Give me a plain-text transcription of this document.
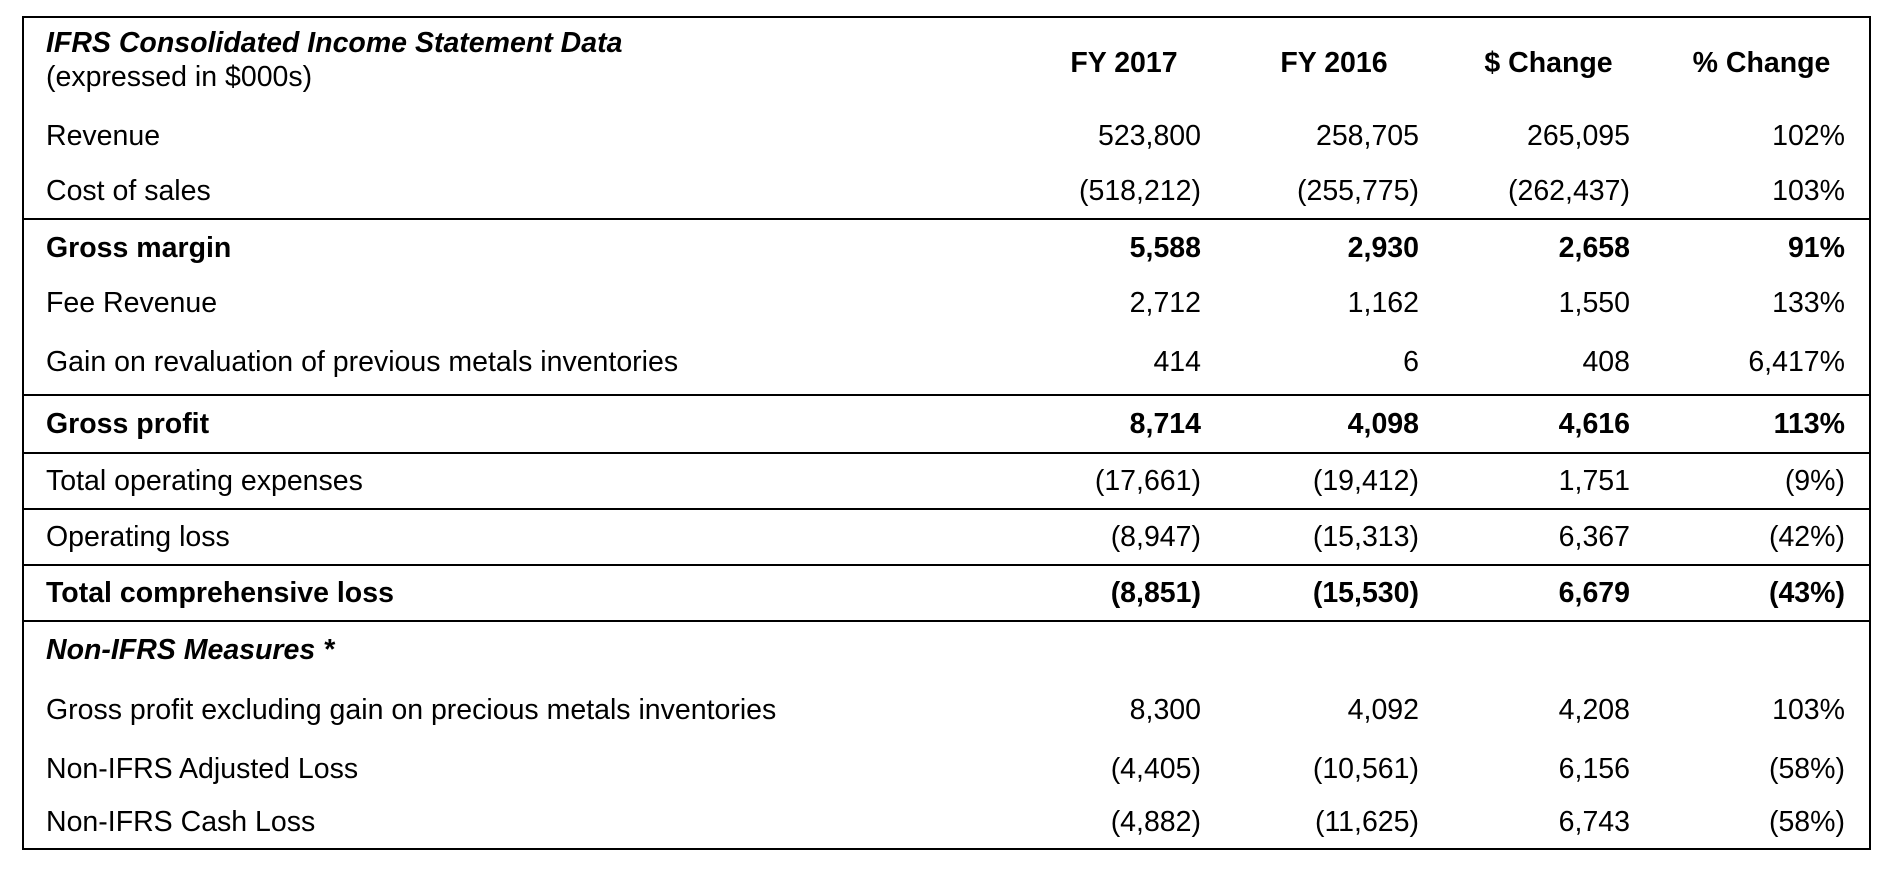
IFRS Consolidated Income Statement Data
(expressed in $000s)	FY 2017	FY 2016	$ Change	% Change
Revenue	523,800	258,705	265,095	102%
Cost of sales	(518,212)	(255,775)	(262,437)	103%
Gross margin	5,588	2,930	2,658	91%
Fee Revenue	2,712	1,162	1,550	133%
Gain on revaluation of previous metals inventories	414	6	408	6,417%
Gross profit	8,714	4,098	4,616	113%
Total operating expenses	(17,661)	(19,412)	1,751	(9%)
Operating loss	(8,947)	(15,313)	6,367	(42%)
Total comprehensive loss	(8,851)	(15,530)	6,679	(43%)
Non-IFRS Measures *				
Gross profit excluding gain on precious metals inventories	8,300	4,092	4,208	103%
Non-IFRS Adjusted Loss	(4,405)	(10,561)	6,156	(58%)
Non-IFRS Cash Loss	(4,882)	(11,625)	6,743	(58%)
